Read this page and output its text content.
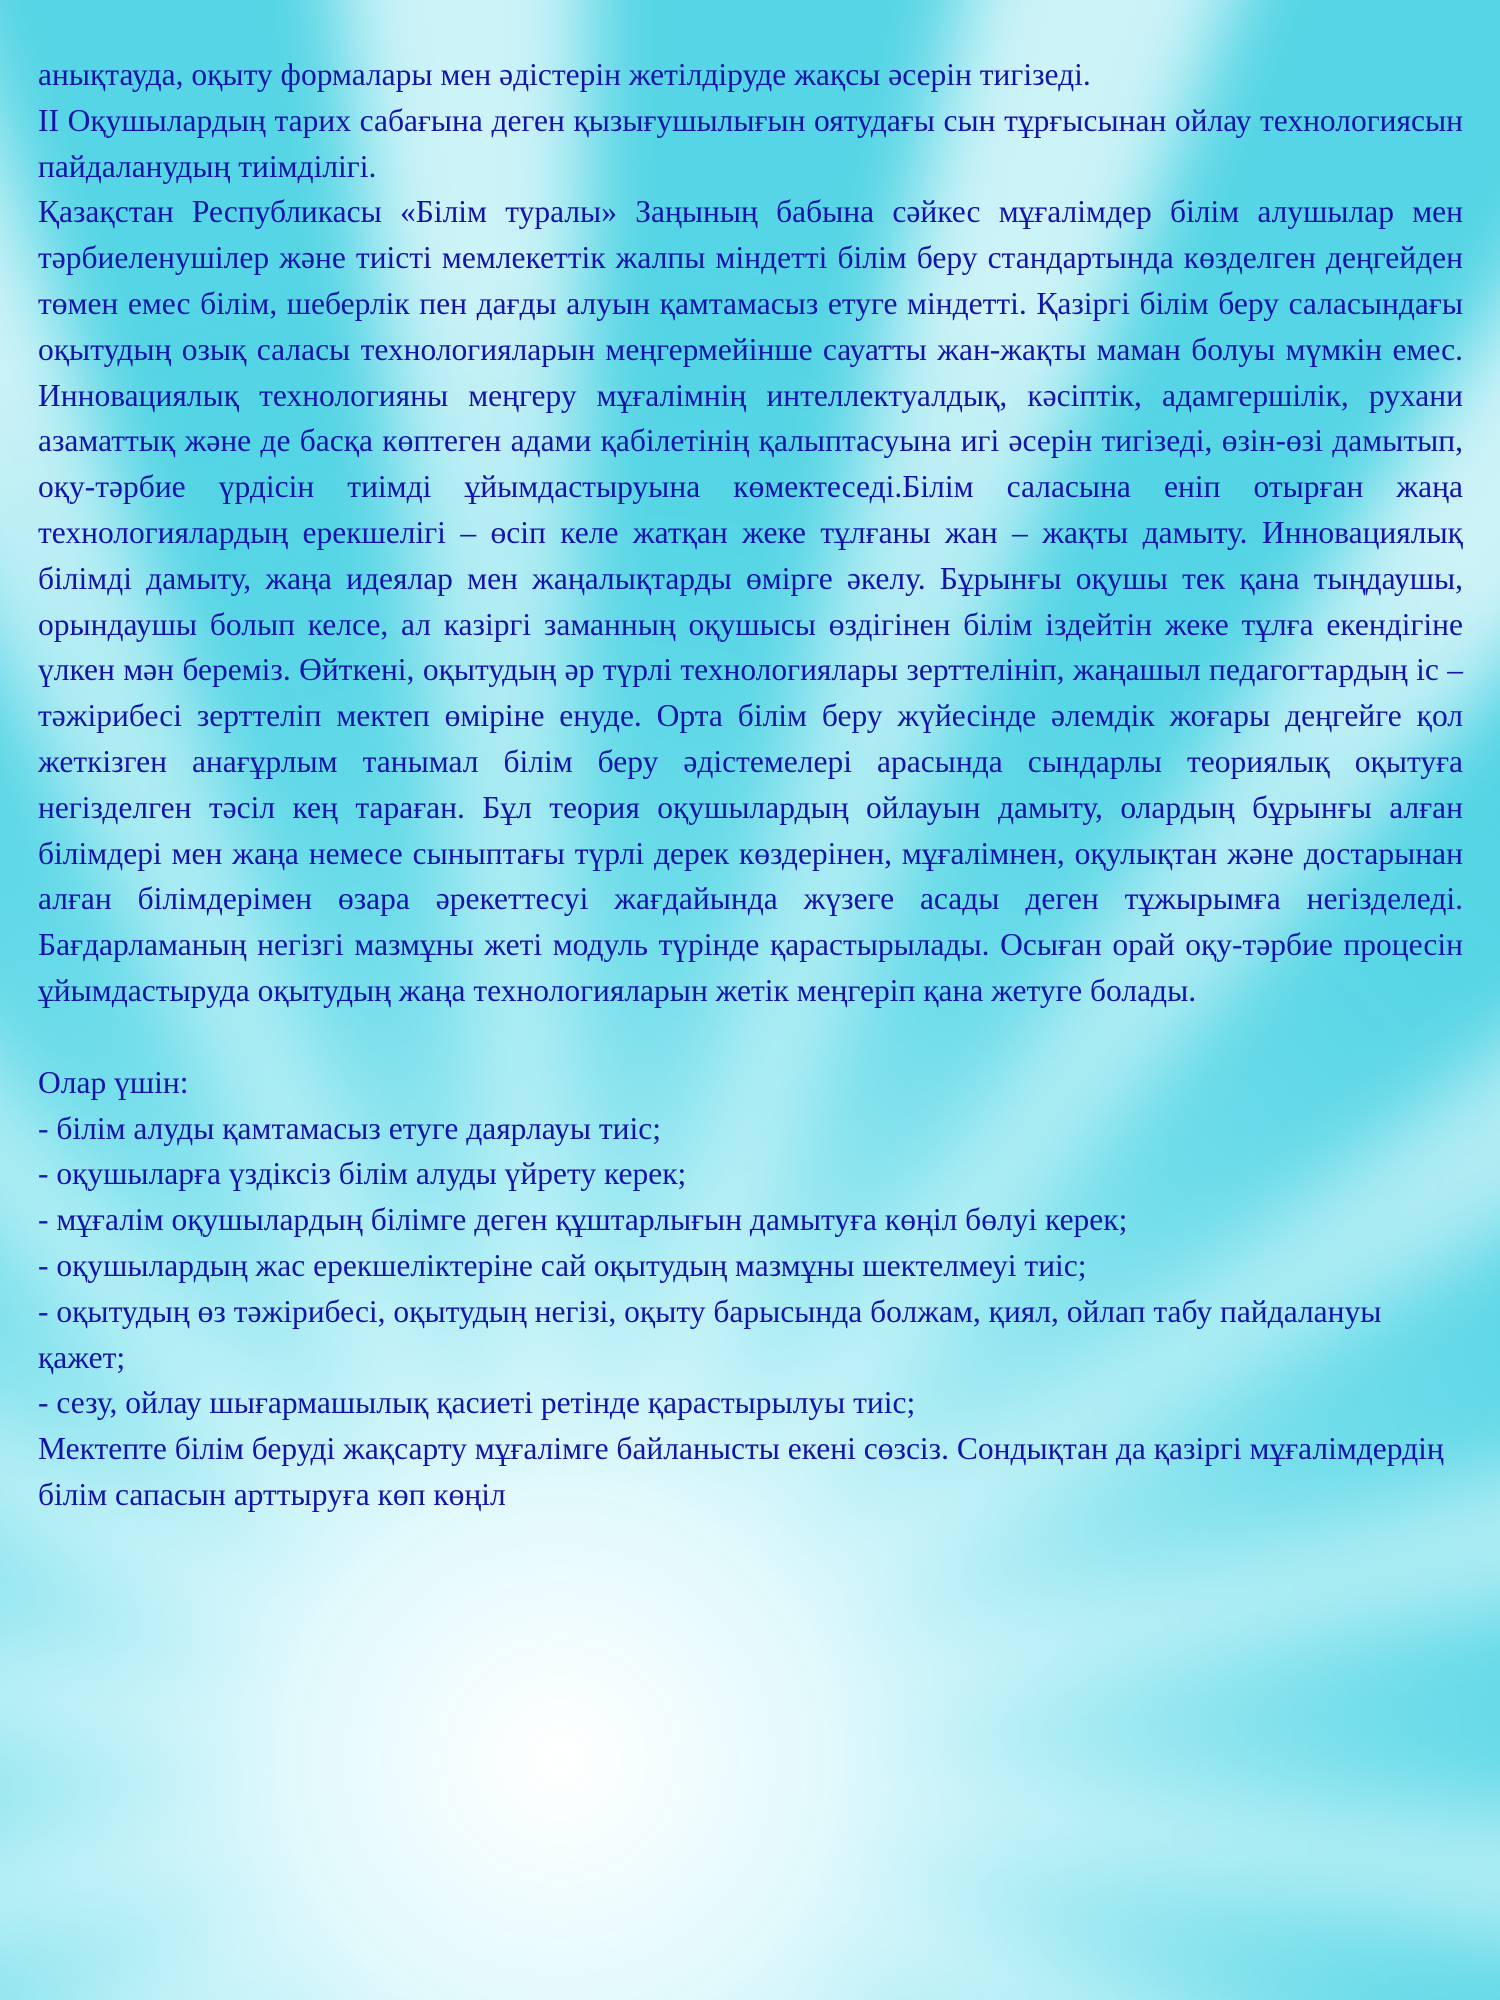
анықтауда, оқыту формалары мен әдістерін жетілдіруде жақсы әсерін тигізеді.

II Оқушылардың тарих сабағына деген қызығушылығын оятудағы сын тұрғысынан ойлау технологиясын пайдаланудың тиімділігі.

Қазақстан Республикасы «Білім туралы» Заңының бабына сәйкес мұғалімдер білім алушылар мен тәрбиеленушілер және тиісті мемлекеттік жалпы міндетті білім беру стандартында көзделген деңгейден төмен емес білім, шеберлік пен дағды алуын қамтамасыз етуге міндетті. Қазіргі білім беру саласындағы оқытудың озық саласы технологияларын меңгермейінше сауатты жан-жақты маман болуы мүмкін емес. Инновациялық технологияны меңгеру мұғалімнің интеллектуалдық, кәсіптік, адамгершілік, рухани азаматтық және де басқа көптеген адами қабілетінің қалыптасуына игі әсерін тигізеді, өзін-өзі дамытып, оқу-тәрбие үрдісін тиімді ұйымдастыруына көмектеседі.Білім саласына еніп отырған жаңа технологиялардың ерекшелігі – өсіп келе жатқан жеке тұлғаны жан – жақты дамыту. Инновациялық білімді дамыту, жаңа идеялар мен жаңалықтарды өмірге әкелу. Бұрынғы оқушы тек қана тыңдаушы, орындаушы болып келсе, ал казіргі заманның оқушысы өздігінен білім іздейтін жеке тұлға екендігіне үлкен мән береміз. Өйткені, оқытудың әр түрлі технологиялары зерттелініп, жаңашыл педагогтардың іс – тәжірибесі зерттеліп мектеп өміріне енуде. Орта білім беру жүйесінде әлемдік жоғары деңгейге қол жеткізген анағұрлым танымал білім беру әдістемелері арасында сындарлы теориялық оқытуға негізделген тәсіл кең тараған. Бұл теория оқушылардың ойлауын дамыту, олардың бұрынғы алған білімдері мен жаңа немесе сыныптағы түрлі дерек көздерінен, мұғалімнен, оқулықтан және достарынан алған білімдерімен өзара әрекеттесуі жағдайында жүзеге асады деген тұжырымға негізделеді. Бағдарламаның негізгі мазмұны жеті модуль түрінде қарастырылады. Осыған орай оқу-тәрбие процесін ұйымдастыруда оқытудың жаңа технологияларын жетік меңгеріп қана жетуге болады.

Олар үшін:

- білім алуды қамтамасыз етуге даярлауы тиіс;

- оқушыларға үздіксіз білім алуды үйрету керек;

- мұғалім оқушылардың білімге деген құштарлығын дамытуға көңіл бөлуі керек;

- оқушылардың жас ерекшеліктеріне сай оқытудың мазмұны шектелмеуі тиіс;

- оқытудың өз тәжірибесі, оқытудың негізі, оқыту барысында болжам, қиял, ойлап табу пайдалануы қажет;

- сезу, ойлау шығармашылық қасиеті ретінде қарастырылуы тиіс;

Мектепте білім беруді жақсарту мұғалімге байланысты екені сөзсіз. Сондықтан да қазіргі мұғалімдердің білім сапасын арттыруға көп көңіл
